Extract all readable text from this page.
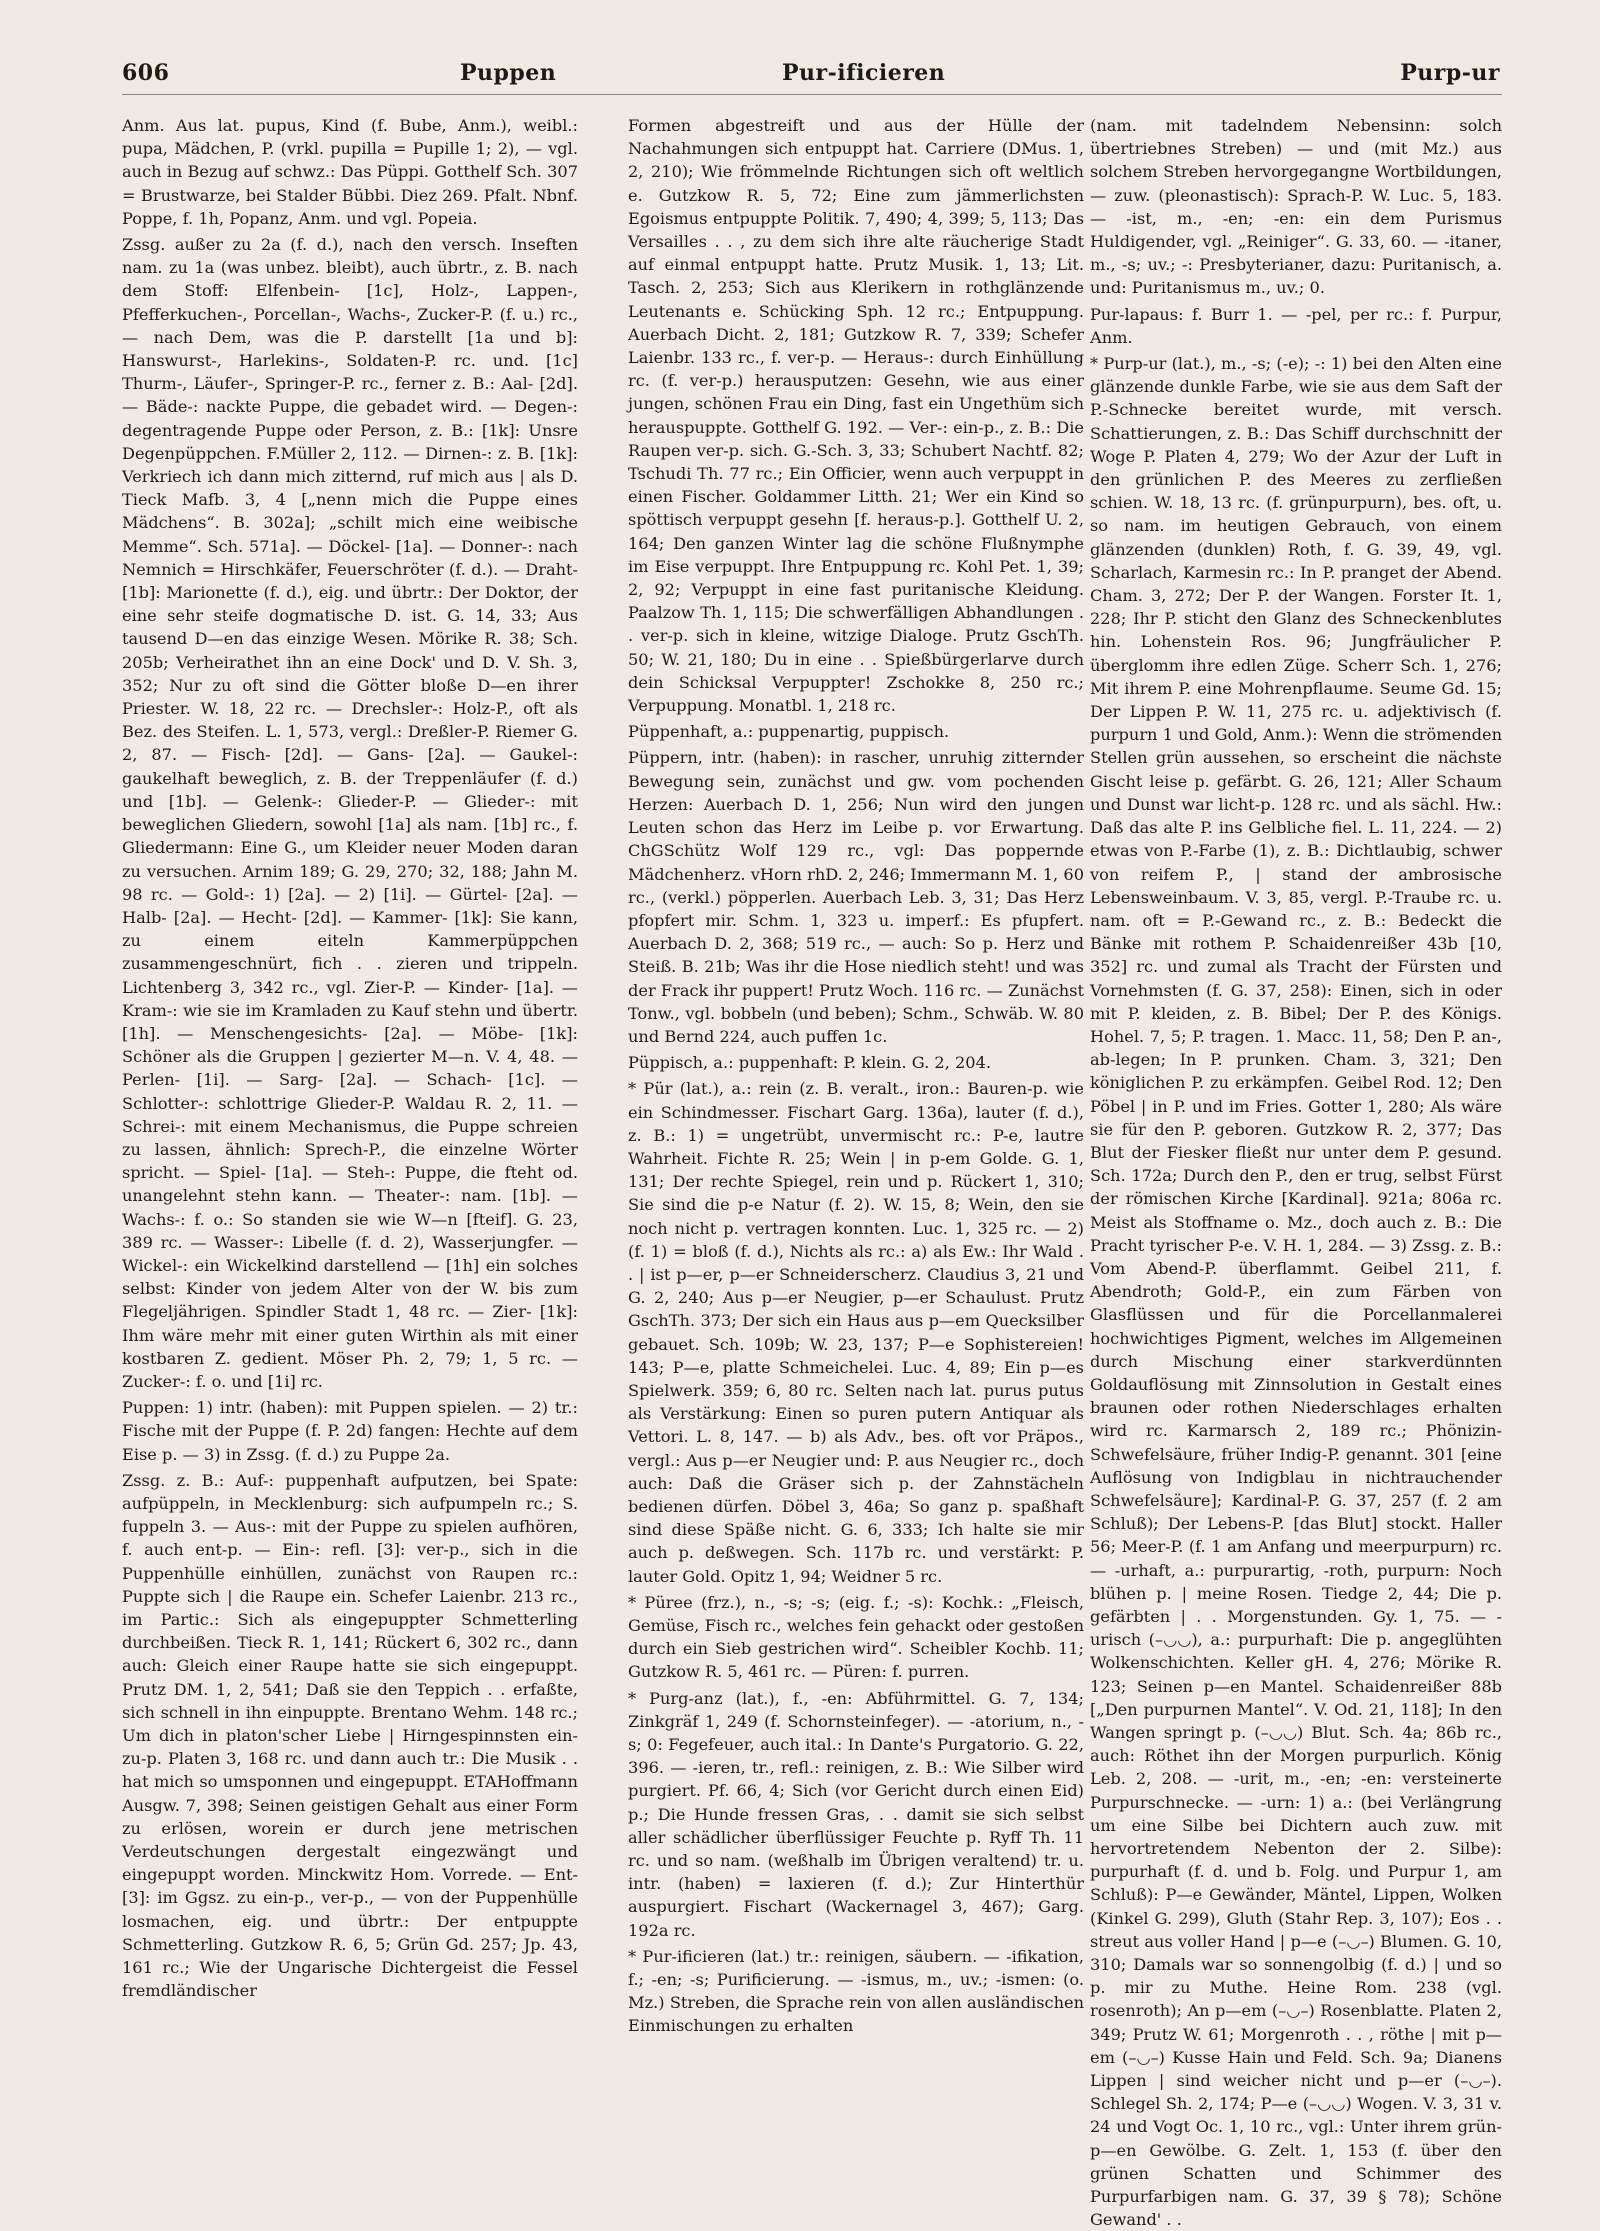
606	Puppen	Pur-ificieren	Purp-ur

Anm. Aus lat. pupus, Kind (f. Bube, Anm.), weibl.: pupa, Mädchen, P. (vrkl. pupilla = Pupille 1; 2), — vgl. auch in Bezug auf schwz.: Das Püppi. Gotthelf Sch. 307 = Brustwarze, bei Stalder Bübbi. Diez 269. Pfalt. Nbnf. Poppe, f. 1h, Popanz, Anm. und vgl. Popeia.

Zssg. außer zu 2a (f. d.), nach den versch. Inseften nam. zu 1a (was unbez. bleibt), auch übrtr., z. B. nach dem Stoff: Elfenbein- [1c], Holz-, Lappen-, Pfefferkuchen-, Porcellan-, Wachs-, Zucker-P. (f. u.) rc., — nach Dem, was die P. darstellt [1a und b]: Hanswurst-, Harlekins-, Soldaten-P. rc. und. [1c] Thurm-, Läufer-, Springer-P. rc., ferner z. B.: Aal- [2d]. — Bäde-: nackte Puppe, die gebadet wird. — Degen-: degentragende Puppe oder Person, z. B.: [1k]: Unsre Degenpüppchen. F.Müller 2, 112. — Dirnen-: z. B. [1k]: Verkriech ich dann mich zitternd, ruf mich aus | als D. Tieck Mafb. 3, 4 [„nenn mich die Puppe eines Mädchens“. B. 302a]; „schilt mich eine weibische Memme“. Sch. 571a]. — Döckel- [1a]. — Donner-: nach Nemnich = Hirschkäfer, Feuerschröter (f. d.). — Draht- [1b]: Marionette (f. d.), eig. und übrtr.: Der Doktor, der eine sehr steife dogmatische D. ist. G. 14, 33; Aus tausend D—en das einzige Wesen. Mörike R. 38; Sch. 205b; Verheirathet ihn an eine Dock' und D. V. Sh. 3, 352; Nur zu oft sind die Götter bloße D—en ihrer Priester. W. 18, 22 rc. — Drechsler-: Holz-P., oft als Bez. des Steifen. L. 1, 573, vergl.: Dreßler-P. Riemer G. 2, 87. — Fisch- [2d]. — Gans- [2a]. — Gaukel-: gaukelhaft beweglich, z. B. der Treppenläufer (f. d.) und [1b]. — Gelenk-: Glieder-P. — Glieder-: mit beweglichen Gliedern, sowohl [1a] als nam. [1b] rc., f. Gliedermann: Eine G., um Kleider neuer Moden daran zu versuchen. Arnim 189; G. 29, 270; 32, 188; Jahn M. 98 rc. — Gold-: 1) [2a]. — 2) [1i]. — Gürtel- [2a]. — Halb- [2a]. — Hecht- [2d]. — Kammer- [1k]: Sie kann, zu einem eiteln Kammerpüppchen zusammengeschnürt, fich . . zieren und trippeln. Lichtenberg 3, 342 rc., vgl. Zier-P. — Kinder- [1a]. — Kram-: wie sie im Kramladen zu Kauf stehn und übertr. [1h]. — Menschengesichts- [2a]. — Möbe- [1k]: Schöner als die Gruppen | gezierter M—n. V. 4, 48. — Perlen- [1i]. — Sarg- [2a]. — Schach- [1c]. — Schlotter-: schlottrige Glieder-P. Waldau R. 2, 11. — Schrei-: mit einem Mechanismus, die Puppe schreien zu lassen, ähnlich: Sprech-P., die einzelne Wörter spricht. — Spiel- [1a]. — Steh-: Puppe, die fteht od. unangelehnt stehn kann. — Theater-: nam. [1b]. — Wachs-: f. o.: So standen sie wie W—n [fteif]. G. 23, 389 rc. — Wasser-: Libelle (f. d. 2), Wasserjungfer. — Wickel-: ein Wickelkind darstellend — [1h] ein solches selbst: Kinder von jedem Alter von der W. bis zum Flegeljährigen. Spindler Stadt 1, 48 rc. — Zier- [1k]: Ihm wäre mehr mit einer guten Wirthin als mit einer kostbaren Z. gedient. Möser Ph. 2, 79; 1, 5 rc. — Zucker-: f. o. und [1i] rc.

Puppen: 1) intr. (haben): mit Puppen spielen. — 2) tr.: Fische mit der Puppe (f. P. 2d) fangen: Hechte auf dem Eise p. — 3) in Zssg. (f. d.) zu Puppe 2a.

Zssg. z. B.: Auf-: puppenhaft aufputzen, bei Spate: aufpüppeln, in Mecklenburg: sich aufpumpeln rc.; S. fuppeln 3. — Aus-: mit der Puppe zu spielen aufhören, f. auch ent-p. — Ein-: refl. [3]: ver-p., sich in die Puppenhülle einhüllen, zunächst von Raupen rc.: Puppte sich | die Raupe ein. Schefer Laienbr. 213 rc., im Partic.: Sich als eingepuppter Schmetterling durchbeißen. Tieck R. 1, 141; Rückert 6, 302 rc., dann auch: Gleich einer Raupe hatte sie sich eingepuppt. Prutz DM. 1, 2, 541; Daß sie den Teppich . . erfaßte, sich schnell in ihn einpuppte. Brentano Wehm. 148 rc.; Um dich in platon'scher Liebe | Hirngespinnsten ein-zu-p. Platen 3, 168 rc. und dann auch tr.: Die Musik . . hat mich so umsponnen und eingepuppt. ETAHoffmann Ausgw. 7, 398; Seinen geistigen Gehalt aus einer Form zu erlösen, worein er durch jene metrischen Verdeutschungen dergestalt eingezwängt und eingepuppt worden. Minckwitz Hom. Vorrede. — Ent- [3]: im Ggsz. zu ein-p., ver-p., — von der Puppenhülle losmachen, eig. und übrtr.: Der entpuppte Schmetterling. Gutzkow R. 6, 5; Grün Gd. 257; Jp. 43, 161 rc.; Wie der Ungarische Dichtergeist die Fessel fremdländischer

Formen abgestreift und aus der Hülle der Nachahmungen sich entpuppt hat. Carriere (DMus. 1, 2, 210); Wie frömmelnde Richtungen sich oft weltlich e. Gutzkow R. 5, 72; Eine zum jämmerlichsten Egoismus entpuppte Politik. 7, 490; 4, 399; 5, 113; Das Versailles . . , zu dem sich ihre alte räucherige Stadt auf einmal entpuppt hatte. Prutz Musik. 1, 13; Lit. Tasch. 2, 253; Sich aus Klerikern in rothglänzende Leutenants e. Schücking Sph. 12 rc.; Entpuppung. Auerbach Dicht. 2, 181; Gutzkow R. 7, 339; Schefer Laienbr. 133 rc., f. ver-p. — Heraus-: durch Einhüllung rc. (f. ver-p.) herausputzen: Gesehn, wie aus einer jungen, schönen Frau ein Ding, fast ein Ungethüm sich herauspuppte. Gotthelf G. 192. — Ver-: ein-p., z. B.: Die Raupen ver-p. sich. G.-Sch. 3, 33; Schubert Nachtf. 82; Tschudi Th. 77 rc.; Ein Officier, wenn auch verpuppt in einen Fischer. Goldammer Litth. 21; Wer ein Kind so spöttisch verpuppt gesehn [f. heraus-p.]. Gotthelf U. 2, 164; Den ganzen Winter lag die schöne Flußnymphe im Eise verpuppt. Ihre Entpuppung rc. Kohl Pet. 1, 39; 2, 92; Verpuppt in eine fast puritanische Kleidung. Paalzow Th. 1, 115; Die schwerfälligen Abhandlungen . . ver-p. sich in kleine, witzige Dialoge. Prutz GschTh. 50; W. 21, 180; Du in eine . . Spießbürgerlarve durch dein Schicksal Verpuppter! Zschokke 8, 250 rc.; Verpuppung. Monatbl. 1, 218 rc.

Püppenhaft, a.: puppenartig, puppisch.

Püppern, intr. (haben): in rascher, unruhig zitternder Bewegung sein, zunächst und gw. vom pochenden Herzen: Auerbach D. 1, 256; Nun wird den jungen Leuten schon das Herz im Leibe p. vor Erwartung. ChGSchütz Wolf 129 rc., vgl: Das poppernde Mädchenherz. vHorn rhD. 2, 246; Immermann M. 1, 60 rc., (verkl.) pöpperlen. Auerbach Leb. 3, 31; Das Herz pfopfert mir. Schm. 1, 323 u. imperf.: Es pfupfert. Auerbach D. 2, 368; 519 rc., — auch: So p. Herz und Steiß. B. 21b; Was ihr die Hose niedlich steht! und was der Frack ihr puppert! Prutz Woch. 116 rc. — Zunächst Tonw., vgl. bobbeln (und beben); Schm., Schwäb. W. 80 und Bernd 224, auch puffen 1c.

Püppisch, a.: puppenhaft: P. klein. G. 2, 204.

* Pür (lat.), a.: rein (z. B. veralt., iron.: Bauren-p. wie ein Schindmesser. Fischart Garg. 136a), lauter (f. d.), z. B.: 1) = ungetrübt, unvermischt rc.: P-e, lautre Wahrheit. Fichte R. 25; Wein | in p-em Golde. G. 1, 131; Der rechte Spiegel, rein und p. Rückert 1, 310; Sie sind die p-e Natur (f. 2). W. 15, 8; Wein, den sie noch nicht p. vertragen konnten. Luc. 1, 325 rc. — 2) (f. 1) = bloß (f. d.), Nichts als rc.: a) als Ew.: Ihr Wald . . | ist p—er, p—er Schneiderscherz. Claudius 3, 21 und G. 2, 240; Aus p—er Neugier, p—er Schaulust. Prutz GschTh. 373; Der sich ein Haus aus p—em Quecksilber gebauet. Sch. 109b; W. 23, 137; P—e Sophistereien! 143; P—e, platte Schmeichelei. Luc. 4, 89; Ein p—es Spielwerk. 359; 6, 80 rc. Selten nach lat. purus putus als Verstärkung: Einen so puren putern Antiquar als Vettori. L. 8, 147. — b) als Adv., bes. oft vor Präpos., vergl.: Aus p—er Neugier und: P. aus Neugier rc., doch auch: Daß die Gräser sich p. der Zahnstächeln bedienen dürfen. Döbel 3, 46a; So ganz p. spaßhaft sind diese Späße nicht. G. 6, 333; Ich halte sie mir auch p. deßwegen. Sch. 117b rc. und verstärkt: P. lauter Gold. Opitz 1, 94; Weidner 5 rc.

* Püree (frz.), n., -s; -s; (eig. f.; -s): Kochk.: „Fleisch, Gemüse, Fisch rc., welches fein gehackt oder gestoßen durch ein Sieb gestrichen wird“. Scheibler Kochb. 11; Gutzkow R. 5, 461 rc. — Püren: f. purren.

* Purg-anz (lat.), f., -en: Abführmittel. G. 7, 134; Zinkgräf 1, 249 (f. Schornsteinfeger). — -atorium, n., -s; 0: Fegefeuer, auch ital.: In Dante's Purgatorio. G. 22, 396. — -ieren, tr., refl.: reinigen, z. B.: Wie Silber wird purgiert. Pf. 66, 4; Sich (vor Gericht durch einen Eid) p.; Die Hunde fressen Gras, . . damit sie sich selbst aller schädlicher überflüssiger Feuchte p. Ryff Th. 11 rc. und so nam. (weßhalb im Übrigen veraltend) tr. u. intr. (haben) = laxieren (f. d.); Zur Hinterthür auspurgiert. Fischart (Wackernagel 3, 467); Garg. 192a rc.

* Pur-ificieren (lat.) tr.: reinigen, säubern. — -ifikation, f.; -en; -s; Purificierung. — -ismus, m., uv.; -ismen: (o. Mz.) Streben, die Sprache rein von allen ausländischen Einmischungen zu erhalten

(nam. mit tadelndem Nebensinn: solch übertriebnes Streben) — und (mit Mz.) aus solchem Streben hervorgegangne Wortbildungen, — zuw. (pleonastisch): Sprach-P. W. Luc. 5, 183. — -ist, m., -en; -en: ein dem Purismus Huldigender, vgl. „Reiniger“. G. 33, 60. — -itaner, m., -s; uv.; -: Presbyterianer, dazu: Puritanisch, a. und: Puritanismus m., uv.; 0.

Pur-lapaus: f. Burr 1. — -pel, per rc.: f. Purpur, Anm.

* Purp-ur (lat.), m., -s; (-e); -: 1) bei den Alten eine glänzende dunkle Farbe, wie sie aus dem Saft der P.-Schnecke bereitet wurde, mit versch. Schattierungen, z. B.: Das Schiff durchschnitt der Woge P. Platen 4, 279; Wo der Azur der Luft in den grünlichen P. des Meeres zu zerfließen schien. W. 18, 13 rc. (f. grünpurpurn), bes. oft, u. so nam. im heutigen Gebrauch, von einem glänzenden (dunklen) Roth, f. G. 39, 49, vgl. Scharlach, Karmesin rc.: In P. pranget der Abend. Cham. 3, 272; Der P. der Wangen. Forster It. 1, 228; Ihr P. sticht den Glanz des Schneckenblutes hin. Lohenstein Ros. 96; Jungfräulicher P. überglomm ihre edlen Züge. Scherr Sch. 1, 276; Mit ihrem P. eine Mohrenpflaume. Seume Gd. 15; Der Lippen P. W. 11, 275 rc. u. adjektivisch (f. purpurn 1 und Gold, Anm.): Wenn die strömenden Stellen grün aussehen, so erscheint die nächste Gischt leise p. gefärbt. G. 26, 121; Aller Schaum und Dunst war licht-p. 128 rc. und als sächl. Hw.: Daß das alte P. ins Gelbliche fiel. L. 11, 224. — 2) etwas von P.-Farbe (1), z. B.: Dichtlaubig, schwer von reifem P., | stand der ambrosische Lebensweinbaum. V. 3, 85, vergl. P.-Traube rc. u. nam. oft = P.-Gewand rc., z. B.: Bedeckt die Bänke mit rothem P. Schaidenreißer 43b [10, 352] rc. und zumal als Tracht der Fürsten und Vornehmsten (f. G. 37, 258): Einen, sich in oder mit P. kleiden, z. B. Bibel; Der P. des Königs. Hohel. 7, 5; P. tragen. 1. Macc. 11, 58; Den P. an-, ab-legen; In P. prunken. Cham. 3, 321; Den königlichen P. zu erkämpfen. Geibel Rod. 12; Den Pöbel | in P. und im Fries. Gotter 1, 280; Als wäre sie für den P. geboren. Gutzkow R. 2, 377; Das Blut der Fiesker fließt nur unter dem P. gesund. Sch. 172a; Durch den P., den er trug, selbst Fürst der römischen Kirche [Kardinal]. 921a; 806a rc. Meist als Stoffname o. Mz., doch auch z. B.: Die Pracht tyrischer P-e. V. H. 1, 284. — 3) Zssg. z. B.: Vom Abend-P. überflammt. Geibel 211, f. Abendroth; Gold-P., ein zum Färben von Glasflüssen und für die Porcellanmalerei hochwichtiges Pigment, welches im Allgemeinen durch Mischung einer starkverdünnten Goldauflösung mit Zinnsolution in Gestalt eines braunen oder rothen Niederschlages erhalten wird rc. Karmarsch 2, 189 rc.; Phönizin-Schwefelsäure, früher Indig-P. genannt. 301 [eine Auflösung von Indigblau in nichtrauchender Schwefelsäure]; Kardinal-P. G. 37, 257 (f. 2 am Schluß); Der Lebens-P. [das Blut] stockt. Haller 56; Meer-P. (f. 1 am Anfang und meerpurpurn) rc. — -urhaft, a.: purpurartig, -roth, purpurn: Noch blühen p. | meine Rosen. Tiedge 2, 44; Die p. gefärbten | . . Morgenstunden. Gy. 1, 75. — -urisch (–◡◡), a.: purpurhaft: Die p. angeglühten Wolkenschichten. Keller gH. 4, 276; Mörike R. 123; Seinen p—en Mantel. Schaidenreißer 88b [„Den purpurnen Mantel“. V. Od. 21, 118]; In den Wangen springt p. (–◡◡) Blut. Sch. 4a; 86b rc., auch: Röthet ihn der Morgen purpurlich. König Leb. 2, 208. — -urit, m., -en; -en: versteinerte Purpurschnecke. — -urn: 1) a.: (bei Verlängrung um eine Silbe bei Dichtern auch zuw. mit hervortretendem Nebenton der 2. Silbe): purpurhaft (f. d. und b. Folg. und Purpur 1, am Schluß): P—e Gewänder, Mäntel, Lippen, Wolken (Kinkel G. 299), Gluth (Stahr Rep. 3, 107); Eos . . streut aus voller Hand | p—e (–◡–) Blumen. G. 10, 310; Damals war so sonnengolbig (f. d.) | und so p. mir zu Muthe. Heine Rom. 238 (vgl. rosenroth); An p—em (–◡–) Rosenblatte. Platen 2, 349; Prutz W. 61; Morgenroth . . , röthe | mit p—em (–◡–) Kusse Hain und Feld. Sch. 9a; Dianens Lippen | sind weicher nicht und p—er (–◡–). Schlegel Sh. 2, 174; P—e (–◡◡) Wogen. V. 3, 31 v. 24 und Vogt Oc. 1, 10 rc., vgl.: Unter ihrem grün-p—en Gewölbe. G. Zelt. 1, 153 (f. über den grünen Schatten und Schimmer des Purpurfarbigen nam. G. 37, 39 § 78); Schöne Gewand' . .
